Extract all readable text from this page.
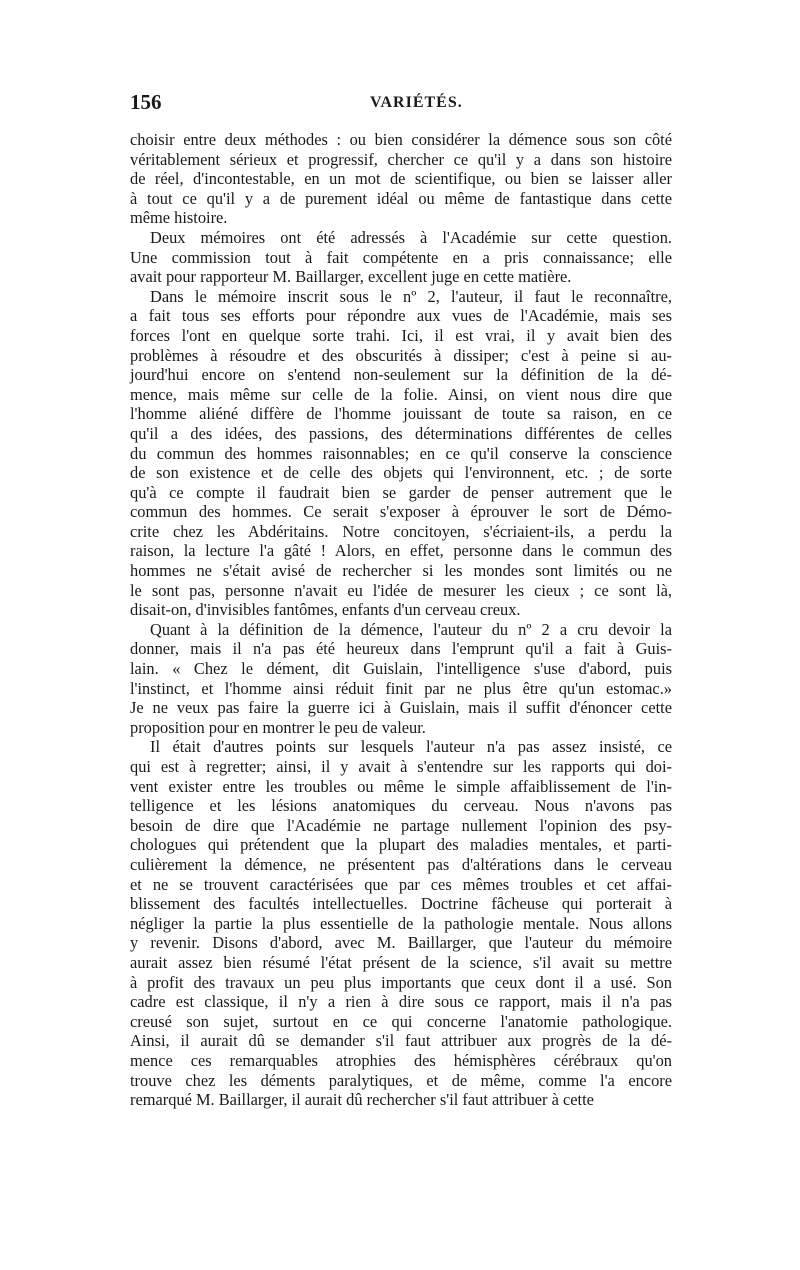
156	VARIÉTÉS.

choisir entre deux méthodes : ou bien considérer la démence sous son côté
véritablement sérieux et progressif, chercher ce qu'il y a dans son histoire
de réel, d'incontestable, en un mot de scientifique, ou bien se laisser aller
à tout ce qu'il y a de purement idéal ou même de fantastique dans cette
même histoire.

Deux mémoires ont été adressés à l'Académie sur cette question.
Une commission tout à fait compétente en a pris connaissance; elle
avait pour rapporteur M. Baillarger, excellent juge en cette matière.

Dans le mémoire inscrit sous le nº 2, l'auteur, il faut le reconnaître,
a fait tous ses efforts pour répondre aux vues de l'Académie, mais ses
forces l'ont en quelque sorte trahi. Ici, il est vrai, il y avait bien des
problèmes à résoudre et des obscurités à dissiper; c'est à peine si au-
jourd'hui encore on s'entend non-seulement sur la définition de la dé-
mence, mais même sur celle de la folie. Ainsi, on vient nous dire que
l'homme aliéné diffère de l'homme jouissant de toute sa raison, en ce
qu'il a des idées, des passions, des déterminations différentes de celles
du commun des hommes raisonnables; en ce qu'il conserve la conscience
de son existence et de celle des objets qui l'environnent, etc. ; de sorte
qu'à ce compte il faudrait bien se garder de penser autrement que le
commun des hommes. Ce serait s'exposer à éprouver le sort de Démo-
crite chez les Abdéritains. Notre concitoyen, s'écriaient-ils, a perdu la
raison, la lecture l'a gâté ! Alors, en effet, personne dans le commun des
hommes ne s'était avisé de rechercher si les mondes sont limités ou ne
le sont pas, personne n'avait eu l'idée de mesurer les cieux ; ce sont là,
disait-on, d'invisibles fantômes, enfants d'un cerveau creux.

Quant à la définition de la démence, l'auteur du nº 2 a cru devoir la
donner, mais il n'a pas été heureux dans l'emprunt qu'il a fait à Guis-
lain. « Chez le dément, dit Guislain, l'intelligence s'use d'abord, puis
l'instinct, et l'homme ainsi réduit finit par ne plus être qu'un estomac.»
Je ne veux pas faire la guerre ici à Guislain, mais il suffit d'énoncer cette
proposition pour en montrer le peu de valeur.

Il était d'autres points sur lesquels l'auteur n'a pas assez insisté, ce
qui est à regretter; ainsi, il y avait à s'entendre sur les rapports qui doi-
vent exister entre les troubles ou même le simple affaiblissement de l'in-
telligence et les lésions anatomiques du cerveau. Nous n'avons pas
besoin de dire que l'Académie ne partage nullement l'opinion des psy-
chologues qui prétendent que la plupart des maladies mentales, et parti-
culièrement la démence, ne présentent pas d'altérations dans le cerveau
et ne se trouvent caractérisées que par ces mêmes troubles et cet affai-
blissement des facultés intellectuelles. Doctrine fâcheuse qui porterait à
négliger la partie la plus essentielle de la pathologie mentale. Nous allons
y revenir. Disons d'abord, avec M. Baillarger, que l'auteur du mémoire
aurait assez bien résumé l'état présent de la science, s'il avait su mettre
à profit des travaux un peu plus importants que ceux dont il a usé. Son
cadre est classique, il n'y a rien à dire sous ce rapport, mais il n'a pas
creusé son sujet, surtout en ce qui concerne l'anatomie pathologique.
Ainsi, il aurait dû se demander s'il faut attribuer aux progrès de la dé-
mence ces remarquables atrophies des hémisphères cérébraux qu'on
trouve chez les déments paralytiques, et de même, comme l'a encore
remarqué M. Baillarger, il aurait dû rechercher s'il faut attribuer à cette
